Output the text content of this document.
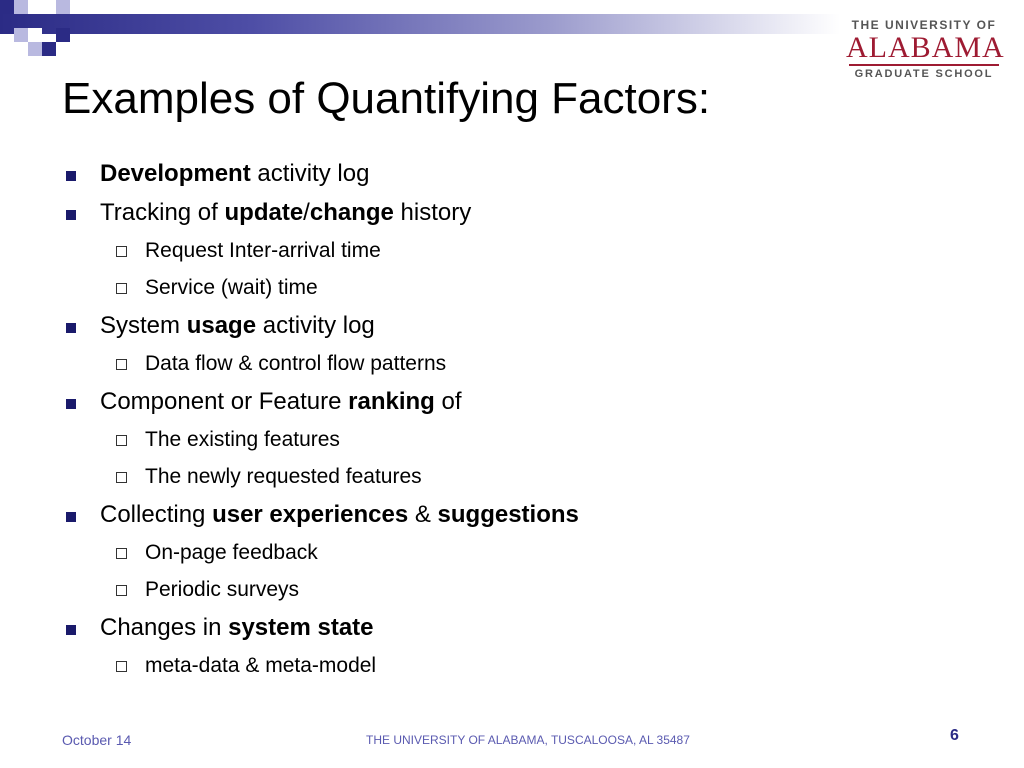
THE UNIVERSITY OF
ALABAMA
GRADUATE SCHOOL
Examples of Quantifying Factors:
Development activity log
Tracking of update/change history
Request Inter-arrival time
Service (wait) time
System usage activity log
Data flow & control flow patterns
Component or Feature ranking of
The existing features
The newly requested features
Collecting user experiences & suggestions
On-page feedback
Periodic surveys
Changes in system state
meta-data & meta-model
October 14	THE UNIVERSITY OF ALABAMA, TUSCALOOSA, AL 35487	6
